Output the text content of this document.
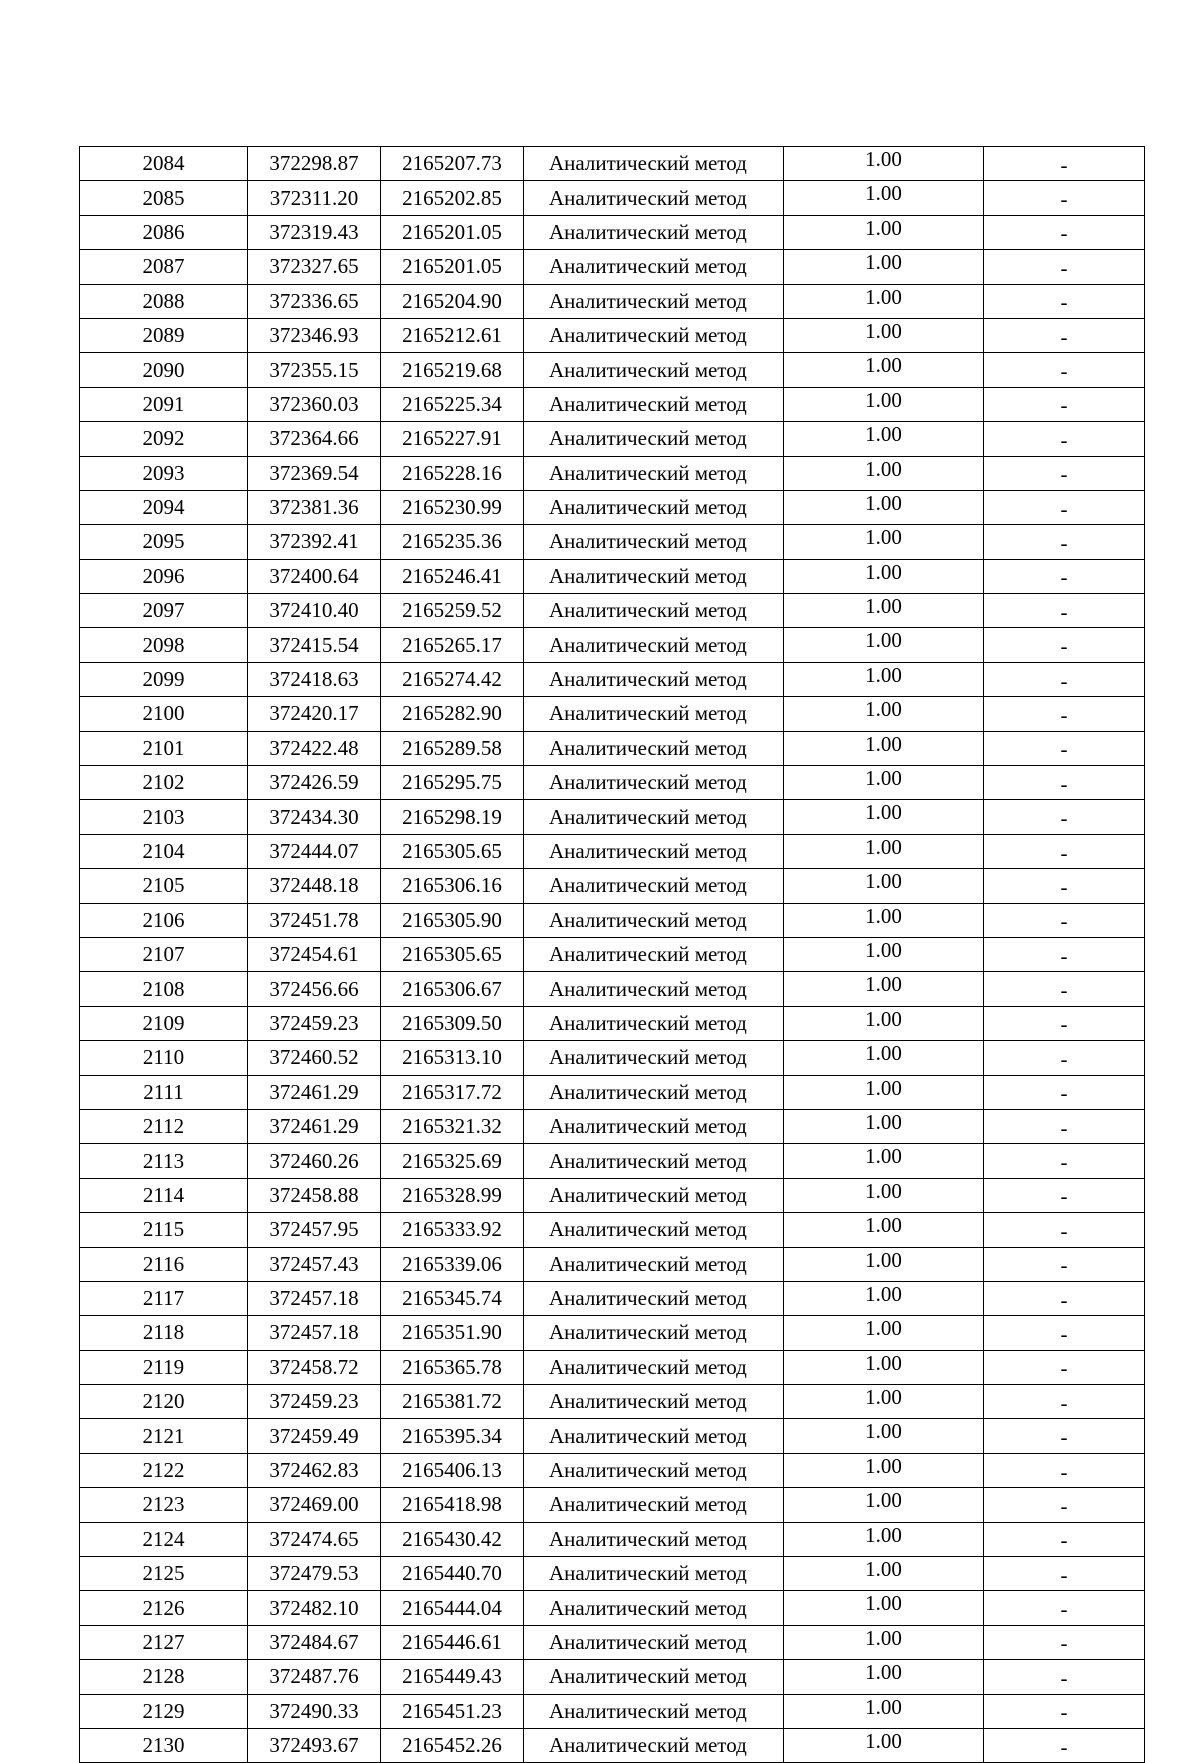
2084	372298.87	2165207.73	Аналитический метод	1.00	-
2085	372311.20	2165202.85	Аналитический метод	1.00	-
2086	372319.43	2165201.05	Аналитический метод	1.00	-
2087	372327.65	2165201.05	Аналитический метод	1.00	-
2088	372336.65	2165204.90	Аналитический метод	1.00	-
2089	372346.93	2165212.61	Аналитический метод	1.00	-
2090	372355.15	2165219.68	Аналитический метод	1.00	-
2091	372360.03	2165225.34	Аналитический метод	1.00	-
2092	372364.66	2165227.91	Аналитический метод	1.00	-
2093	372369.54	2165228.16	Аналитический метод	1.00	-
2094	372381.36	2165230.99	Аналитический метод	1.00	-
2095	372392.41	2165235.36	Аналитический метод	1.00	-
2096	372400.64	2165246.41	Аналитический метод	1.00	-
2097	372410.40	2165259.52	Аналитический метод	1.00	-
2098	372415.54	2165265.17	Аналитический метод	1.00	-
2099	372418.63	2165274.42	Аналитический метод	1.00	-
2100	372420.17	2165282.90	Аналитический метод	1.00	-
2101	372422.48	2165289.58	Аналитический метод	1.00	-
2102	372426.59	2165295.75	Аналитический метод	1.00	-
2103	372434.30	2165298.19	Аналитический метод	1.00	-
2104	372444.07	2165305.65	Аналитический метод	1.00	-
2105	372448.18	2165306.16	Аналитический метод	1.00	-
2106	372451.78	2165305.90	Аналитический метод	1.00	-
2107	372454.61	2165305.65	Аналитический метод	1.00	-
2108	372456.66	2165306.67	Аналитический метод	1.00	-
2109	372459.23	2165309.50	Аналитический метод	1.00	-
2110	372460.52	2165313.10	Аналитический метод	1.00	-
2111	372461.29	2165317.72	Аналитический метод	1.00	-
2112	372461.29	2165321.32	Аналитический метод	1.00	-
2113	372460.26	2165325.69	Аналитический метод	1.00	-
2114	372458.88	2165328.99	Аналитический метод	1.00	-
2115	372457.95	2165333.92	Аналитический метод	1.00	-
2116	372457.43	2165339.06	Аналитический метод	1.00	-
2117	372457.18	2165345.74	Аналитический метод	1.00	-
2118	372457.18	2165351.90	Аналитический метод	1.00	-
2119	372458.72	2165365.78	Аналитический метод	1.00	-
2120	372459.23	2165381.72	Аналитический метод	1.00	-
2121	372459.49	2165395.34	Аналитический метод	1.00	-
2122	372462.83	2165406.13	Аналитический метод	1.00	-
2123	372469.00	2165418.98	Аналитический метод	1.00	-
2124	372474.65	2165430.42	Аналитический метод	1.00	-
2125	372479.53	2165440.70	Аналитический метод	1.00	-
2126	372482.10	2165444.04	Аналитический метод	1.00	-
2127	372484.67	2165446.61	Аналитический метод	1.00	-
2128	372487.76	2165449.43	Аналитический метод	1.00	-
2129	372490.33	2165451.23	Аналитический метод	1.00	-
2130	372493.67	2165452.26	Аналитический метод	1.00	-
